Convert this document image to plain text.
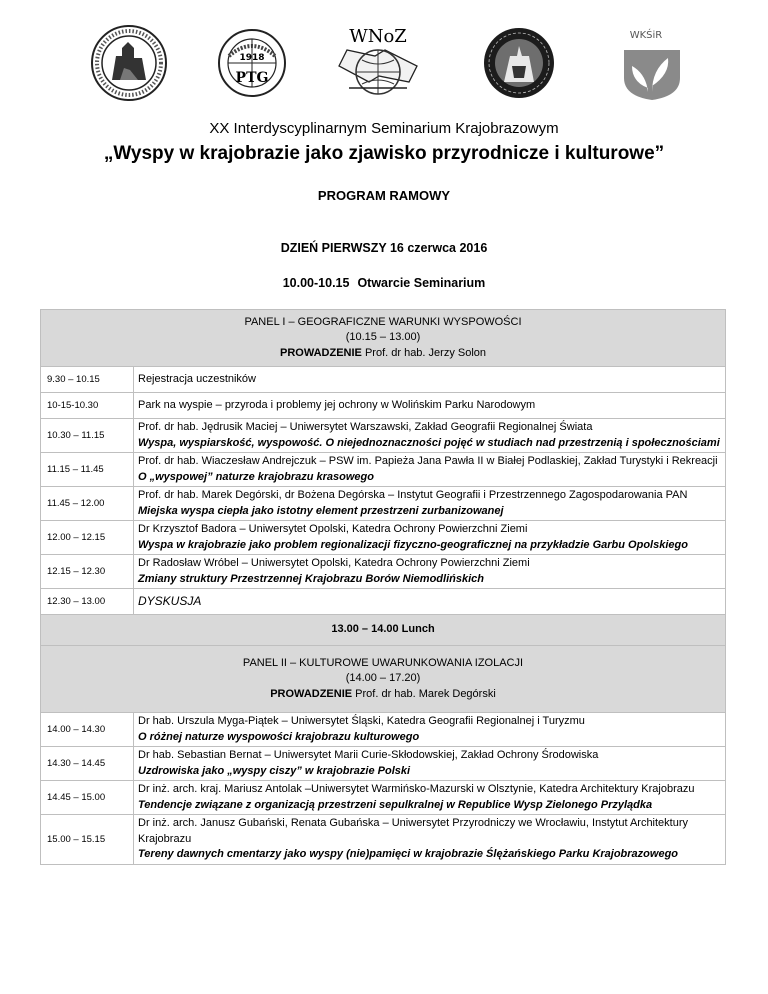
1918
PTG
WNoZ	WKŚiR
XX Interdyscyplinarnym Seminarium Krajobrazowym
„Wyspy w krajobrazie jako zjawisko przyrodnicze i kulturowe”
PROGRAM RAMOWY
DZIEŃ PIERWSZY 16 czerwca 2016
10.00-10.15 Otwarcie Seminarium
PANEL I – GEOGRAFICZNE WARUNKI WYSPOWOŚCI
(10.15 – 13.00)
PROWADZENIE Prof. dr hab. Jerzy Solon	

9.30 – 10.15	Rejestracja uczestników
10-15-10.30	Park na wyspie – przyroda i problemy jej ochrony w Wolińskim Parku Narodowym
10.30 – 11.15	Prof. dr hab. Jędrusik Maciej – Uniwersytet Warszawski, Zakład Geografii Regionalnej Świata
Wyspa, wyspiarskość, wyspowość. O niejednoznaczności pojęć w studiach nad przestrzenią i społecznościami

11.15 – 11.45	Prof. dr hab. Wiaczesław Andrejczuk – PSW im. Papieża Jana Pawła II w Białej Podlaskiej, Zakład Turystyki i Rekreacji
O „wyspowej” naturze krajobrazu krasowego

11.45 – 12.00	Prof. dr hab. Marek Degórski, dr Bożena Degórska – Instytut Geografii i Przestrzennego Zagospodarowania PAN
Miejska wyspa ciepła jako istotny element przestrzeni zurbanizowanej

12.00 – 12.15	Dr Krzysztof Badora – Uniwersytet Opolski, Katedra Ochrony Powierzchni Ziemi
Wyspa w krajobrazie jako problem regionalizacji fizyczno-geograficznej na przykładzie Garbu Opolskiego

12.15 – 12.30	Dr Radosław Wróbel – Uniwersytet Opolski, Katedra Ochrony Powierzchni Ziemi
Zmiany struktury Przestrzennej Krajobrazu Borów Niemodlińskich

12.30 – 13.00	DYSKUSJA
13.00 – 14.00 Lunch	

PANEL II – KULTUROWE UWARUNKOWANIA IZOLACJI
(14.00 – 17.20)
PROWADZENIE Prof. dr hab. Marek Degórski	

14.00 – 14.30	Dr hab. Urszula Myga-Piątek – Uniwersytet Śląski, Katedra Geografii Regionalnej i Turyzmu
O różnej naturze wyspowości krajobrazu kulturowego

14.30 – 14.45	Dr hab. Sebastian Bernat – Uniwersytet Marii Curie-Skłodowskiej, Zakład Ochrony Środowiska
Uzdrowiska jako „wyspy ciszy” w krajobrazie Polski

14.45 – 15.00	Dr inż. arch. kraj. Mariusz Antolak –Uniwersytet Warmińsko-Mazurski w Olsztynie, Katedra Architektury Krajobrazu
Tendencje związane z organizacją przestrzeni sepulkralnej w Republice Wysp Zielonego Przylądka

15.00 – 15.15	Dr inż. arch. Janusz Gubański, Renata Gubańska – Uniwersytet Przyrodniczy we Wrocławiu, Instytut Architektury Krajobrazu
Tereny dawnych cmentarzy jako wyspy (nie)pamięci w krajobrazie Ślężańskiego Parku Krajobrazowego
